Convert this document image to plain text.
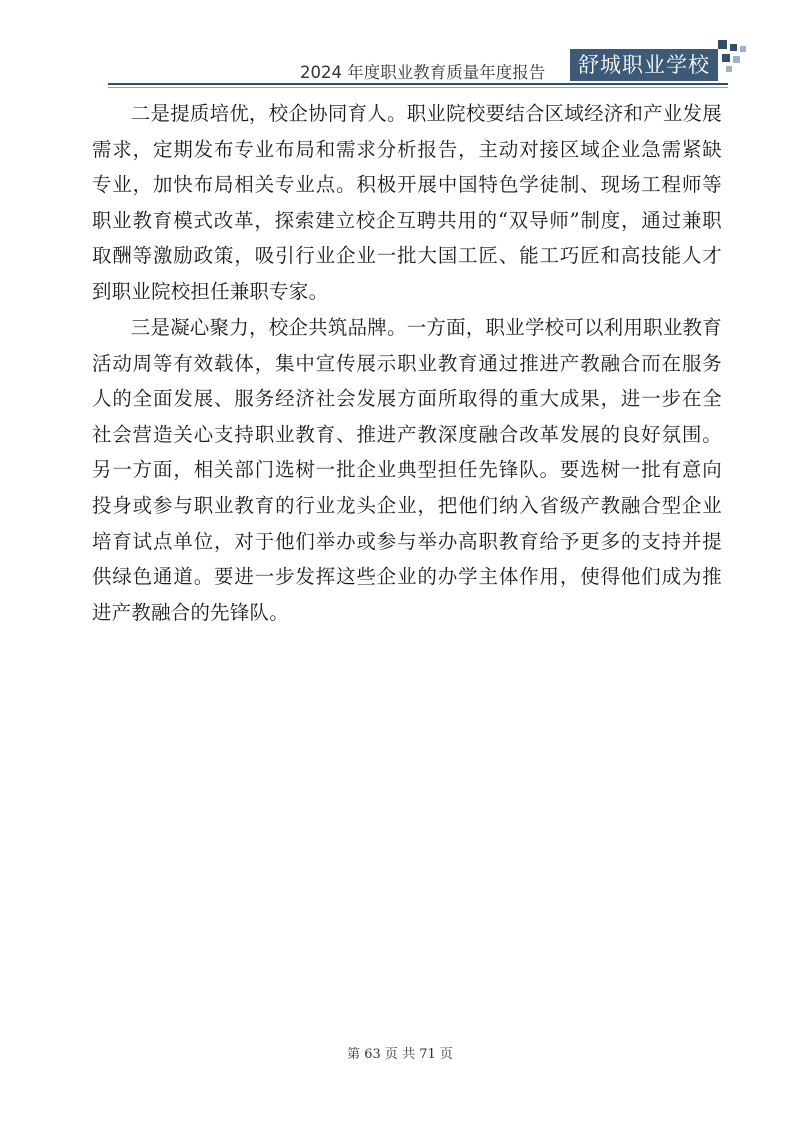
2024 年度职业教育质量年度报告	舒城职业学校

二是提质培优，校企协同育人。职业院校要结合区域经济和产业发展需求，定期发布专业布局和需求分析报告，主动对接区域企业急需紧缺专业，加快布局相关专业点。积极开展中国特色学徒制、现场工程师等职业教育模式改革，探索建立校企互聘共用的“双导师”制度，通过兼职取酬等激励政策，吸引行业企业一批大国工匠、能工巧匠和高技能人才到职业院校担任兼职专家。

三是凝心聚力，校企共筑品牌。一方面，职业学校可以利用职业教育活动周等有效载体，集中宣传展示职业教育通过推进产教融合而在服务人的全面发展、服务经济社会发展方面所取得的重大成果，进一步在全社会营造关心支持职业教育、推进产教深度融合改革发展的良好氛围。另一方面，相关部门选树一批企业典型担任先锋队。要选树一批有意向投身或参与职业教育的行业龙头企业，把他们纳入省级产教融合型企业培育试点单位，对于他们举办或参与举办高职教育给予更多的支持并提供绿色通道。要进一步发挥这些企业的办学主体作用，使得他们成为推进产教融合的先锋队。

第 63 页 共 71 页
